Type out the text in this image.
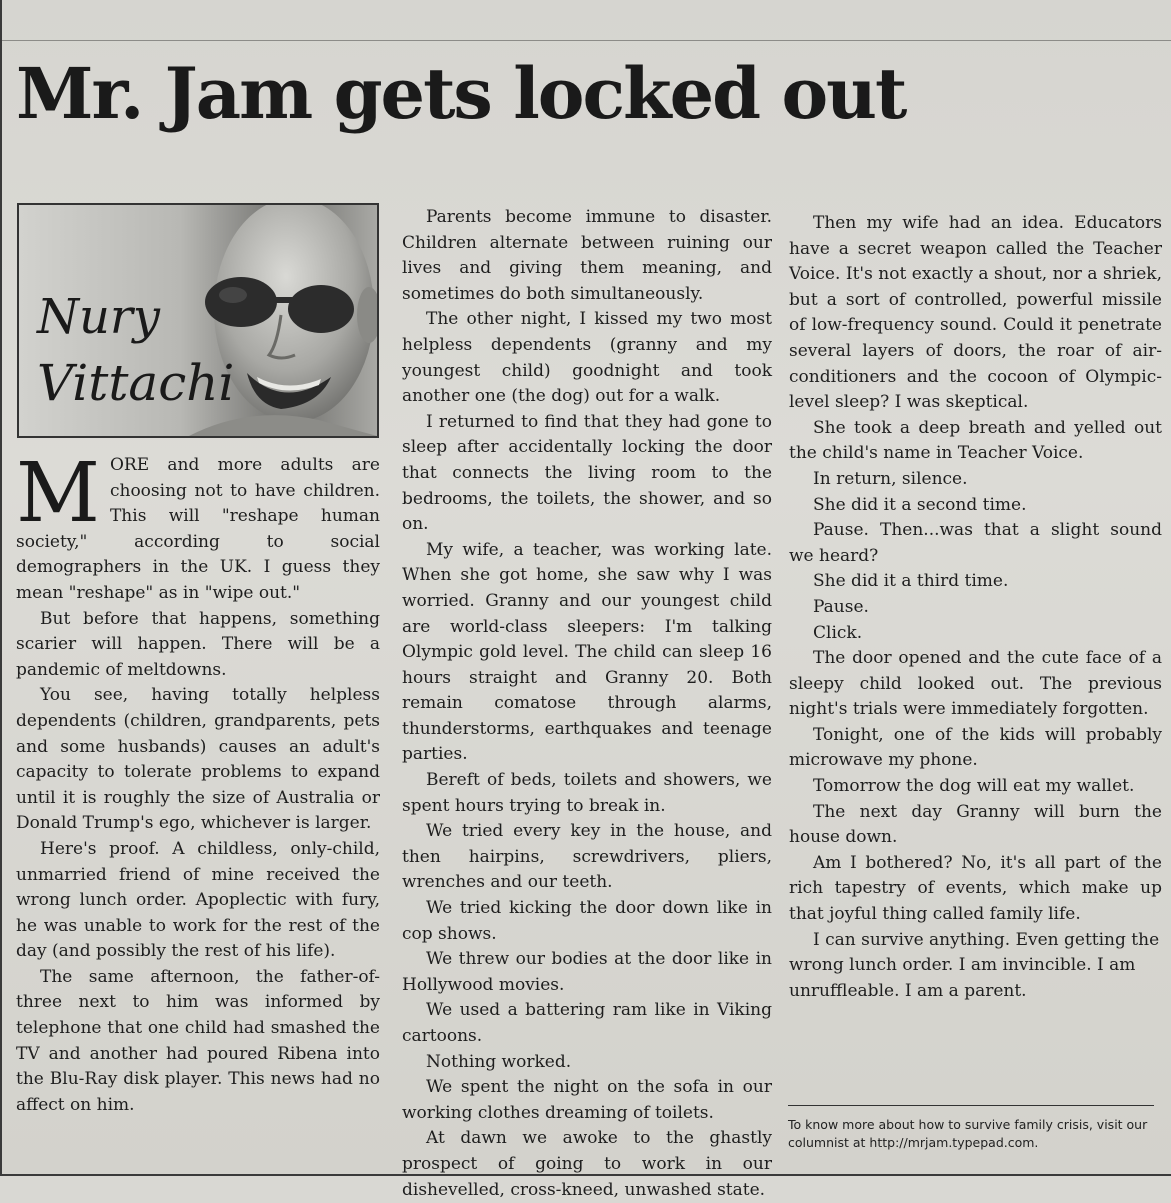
Mr. Jam gets locked out
Nury
Vittachi

MORE and more adults are choosing not to have children. This will "reshape human society," according to social demographers in the UK. I guess they mean "reshape" as in "wipe out."

But before that happens, something scarier will happen. There will be a pandemic of meltdowns.

You see, having totally helpless dependents (children, grandparents, pets and some husbands) causes an adult's capacity to tolerate problems to expand until it is roughly the size of Australia or Donald Trump's ego, whichever is larger.

Here's proof. A childless, only-child, unmarried friend of mine received the wrong lunch order. Apoplectic with fury, he was unable to work for the rest of the day (and possibly the rest of his life).

The same afternoon, the father-of-three next to him was informed by telephone that one child had smashed the TV and another had poured Ribena into the Blu-Ray disk player. This news had no affect on him.

Parents become immune to disaster. Children alternate between ruining our lives and giving them meaning, and sometimes do both simultaneously.

The other night, I kissed my two most helpless dependents (granny and my youngest child) goodnight and took another one (the dog) out for a walk.

I returned to find that they had gone to sleep after accidentally locking the door that connects the living room to the bedrooms, the toilets, the shower, and so on.

My wife, a teacher, was working late. When she got home, she saw why I was worried. Granny and our youngest child are world-class sleepers: I'm talking Olympic gold level. The child can sleep 16 hours straight and Granny 20. Both remain comatose through alarms, thunderstorms, earthquakes and teenage parties.

Bereft of beds, toilets and showers, we spent hours trying to break in.

We tried every key in the house, and then hairpins, screwdrivers, pliers, wrenches and our teeth.

We tried kicking the door down like in cop shows.

We threw our bodies at the door like in Hollywood movies.

We used a battering ram like in Viking cartoons.

Nothing worked.

We spent the night on the sofa in our working clothes dreaming of toilets.

At dawn we awoke to the ghastly prospect of going to work in our dishevelled, cross-kneed, unwashed state.

Then my wife had an idea. Educators have a secret weapon called the Teacher Voice. It's not exactly a shout, nor a shriek, but a sort of controlled, powerful missile of low-frequency sound. Could it penetrate several layers of doors, the roar of air-conditioners and the cocoon of Olympic-level sleep? I was skeptical.

She took a deep breath and yelled out the child's name in Teacher Voice.

In return, silence.

She did it a second time.

Pause. Then...was that a slight sound we heard?

She did it a third time.

Pause.

Click.

The door opened and the cute face of a sleepy child looked out. The previous night's trials were immediately forgotten.

Tonight, one of the kids will probably microwave my phone.

Tomorrow the dog will eat my wallet.

The next day Granny will burn the house down.

Am I bothered? No, it's all part of the rich tapestry of events, which make up that joyful thing called family life.

I can survive anything. Even getting the wrong lunch order. I am invincible. I am unruffleable. I am a parent.

To know more about how to survive family crisis, visit our columnist at http://mrjam.typepad.com.
